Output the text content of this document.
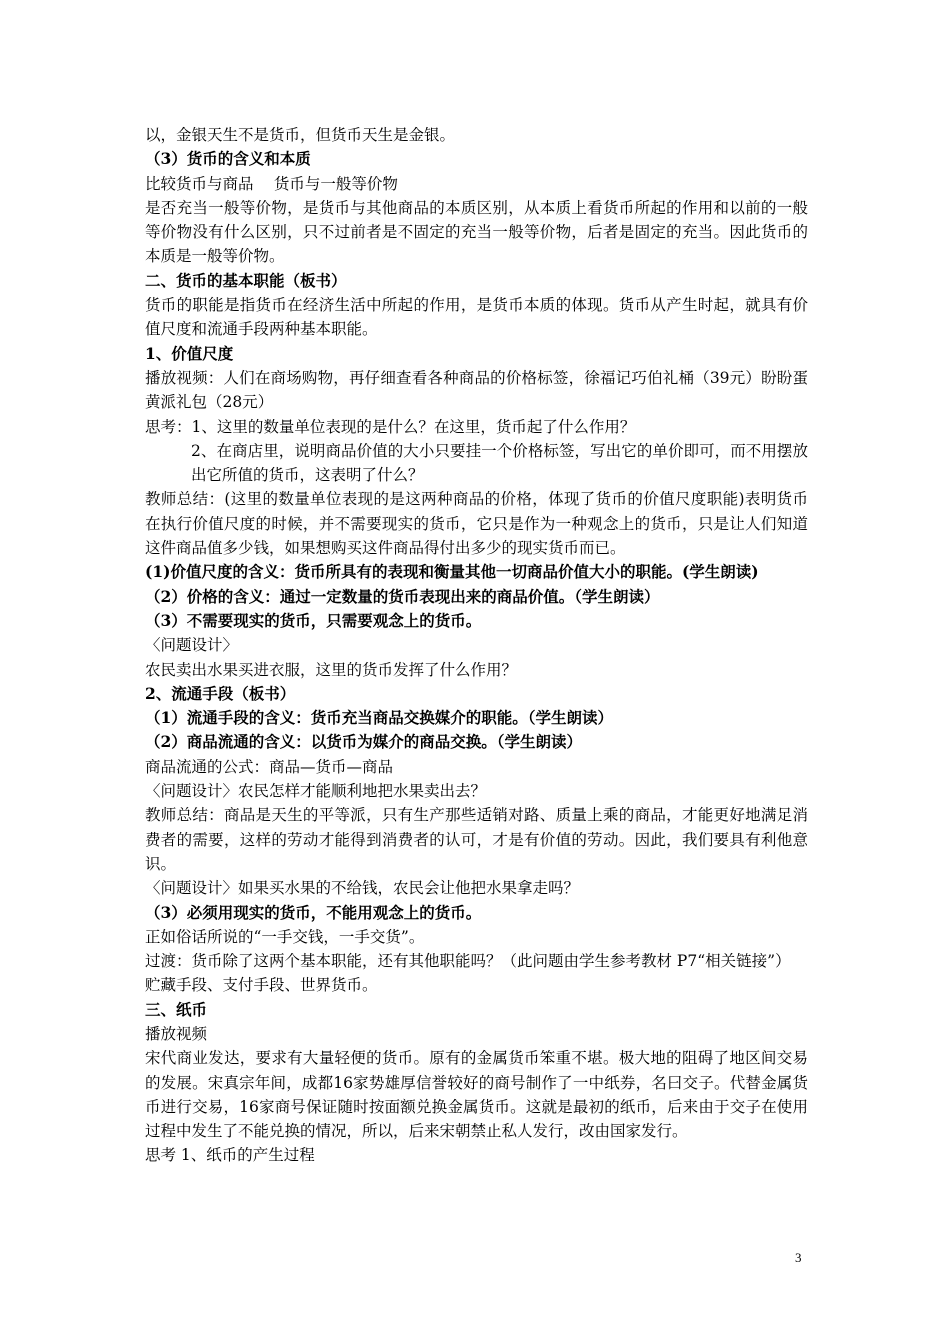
以，金银天生不是货币，但货币天生是金银。

（3）货币的含义和本质

比较货币与商品　 货币与一般等价物

是否充当一般等价物，是货币与其他商品的本质区别，从本质上看货币所起的作用和以前的一般等价物没有什么区别，只不过前者是不固定的充当一般等价物，后者是固定的充当。因此货币的本质是一般等价物。

二、货币的基本职能（板书）

货币的职能是指货币在经济生活中所起的作用，是货币本质的体现。货币从产生时起，就具有价值尺度和流通手段两种基本职能。

1、价值尺度

播放视频：人们在商场购物，再仔细查看各种商品的价格标签，徐福记巧伯礼桶（39元）盼盼蛋黄派礼包（28元）

思考：1、这里的数量单位表现的是什么？在这里，货币起了什么作用？

2、在商店里，说明商品价值的大小只要挂一个价格标签，写出它的单价即可，而不用摆放出它所值的货币，这表明了什么？

教师总结：(这里的数量单位表现的是这两种商品的价格，体现了货币的价值尺度职能)表明货币在执行价值尺度的时候，并不需要现实的货币，它只是作为一种观念上的货币，只是让人们知道这件商品值多少钱，如果想购买这件商品得付出多少的现实货币而已。

(1)价值尺度的含义：货币所具有的表现和衡量其他一切商品价值大小的职能。(学生朗读)

（2）价格的含义：通过一定数量的货币表现出来的商品价值。（学生朗读）

（3）不需要现实的货币，只需要观念上的货币。

〈问题设计〉

农民卖出水果买进衣服，这里的货币发挥了什么作用？

2、流通手段（板书）

（1）流通手段的含义：货币充当商品交换媒介的职能。（学生朗读）

（2）商品流通的含义：以货币为媒介的商品交换。（学生朗读）

商品流通的公式：商品—货币—商品

〈问题设计〉农民怎样才能顺利地把水果卖出去？

教师总结：商品是天生的平等派，只有生产那些适销对路、质量上乘的商品，才能更好地满足消费者的需要，这样的劳动才能得到消费者的认可，才是有价值的劳动。因此，我们要具有利他意识。

〈问题设计〉如果买水果的不给钱，农民会让他把水果拿走吗？

（3）必须用现实的货币，不能用观念上的货币。

正如俗话所说的“一手交钱，一手交货”。

过渡：货币除了这两个基本职能，还有其他职能吗？（此问题由学生参考教材 P7“相关链接”）

贮藏手段、支付手段、世界货币。

三、纸币

播放视频

宋代商业发达，要求有大量轻便的货币。原有的金属货币笨重不堪。极大地的阻碍了地区间交易的发展。宋真宗年间，成都16家势雄厚信誉较好的商号制作了一中纸券，名曰交子。代替金属货币进行交易，16家商号保证随时按面额兑换金属货币。这就是最初的纸币，后来由于交子在使用过程中发生了不能兑换的情况，所以，后来宋朝禁止私人发行，改由国家发行。

思考 1、纸币的产生过程

3
